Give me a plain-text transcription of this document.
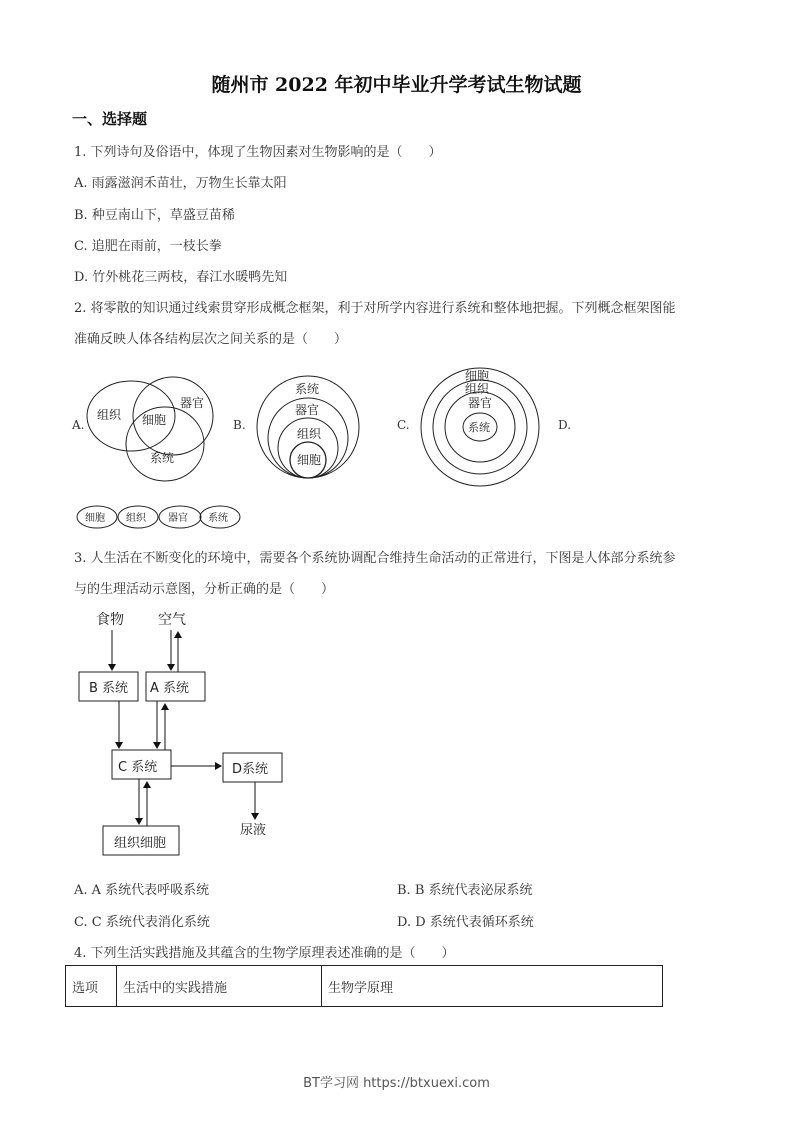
随州市 2022 年初中毕业升学考试生物试题
一、选择题
1. 下列诗句及俗语中，体现了生物因素对生物影响的是（　　）
A. 雨露滋润禾苗壮，万物生长靠太阳
B. 种豆南山下，草盛豆苗稀
C. 追肥在雨前，一枝长拳
D. 竹外桃花三两枝，春江水暖鸭先知
2. 将零散的知识通过线索贯穿形成概念框架，利于对所学内容进行系统和整体地把握。下列概念框架图能
准确反映人体各结构层次之间关系的是（　　）
A.	B.	C.	D.
组织
器官
细胞
系统
系统
器官
组织
细胞
细胞
组织
器官
系统
细胞 组织 器官 系统
3. 人生活在不断变化的环境中，需要各个系统协调配合维持生命活动的正常进行，下图是人体部分系统参
与的生理活动示意图，分析正确的是（　　）
食物 空气
B 系统 A 系统
C 系统	D系统
组织细胞
尿液
A. A 系统代表呼吸系统	B. B 系统代表泌尿系统
C. C 系统代表消化系统	D. D 系统代表循环系统
4. 下列生活实践措施及其蕴含的生物学原理表述准确的是（　　）
选项	生活中的实践措施	生物学原理
BT学习网 https://btxuexi.com
